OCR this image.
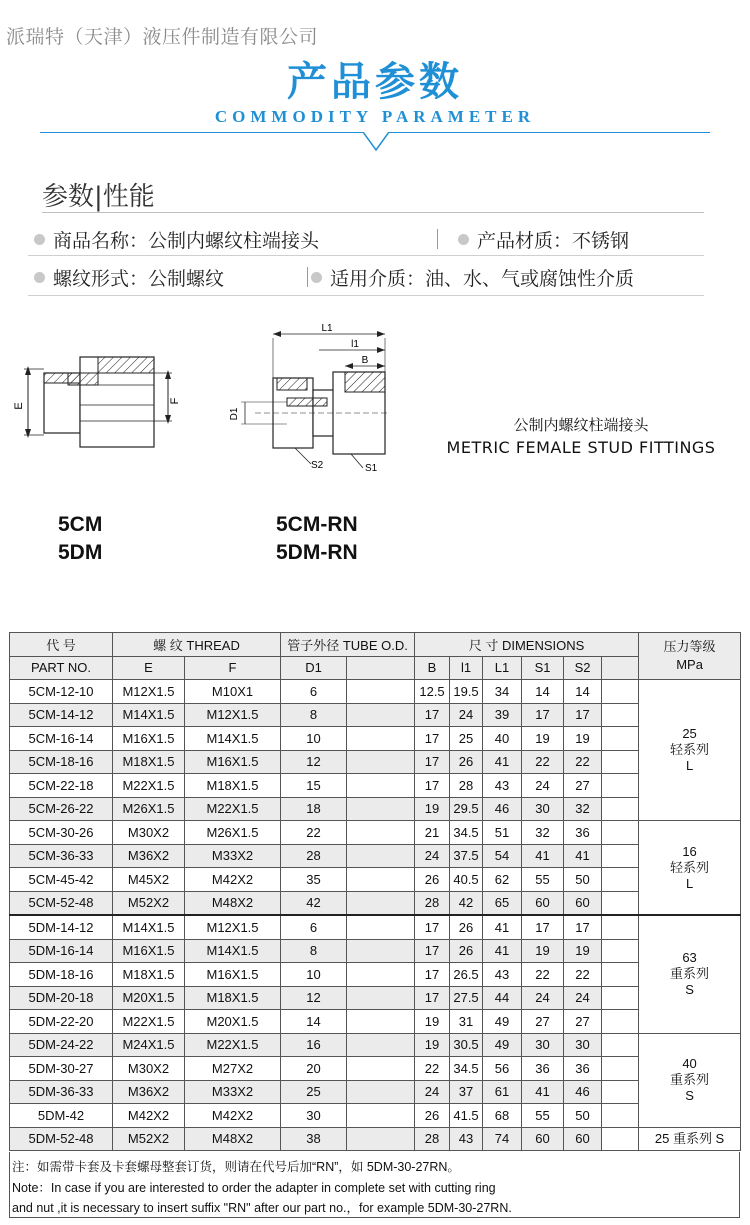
派瑞特（天津）液压件制造有限公司
产品参数
COMMODITY PARAMETER
参数|性能
商品名称：公制内螺纹柱端接头	产品材质：不锈钢
螺纹形式：公制螺纹	适用介质：油、水、气或腐蚀性介质
E
F
L1
l1
B
D1
S2	S1
公制内螺纹柱端接头
METRIC FEMALE STUD FITTINGS
5CM
5DM
5CM-RN
5DM-RN
代 号	螺 纹 THREAD		管子外径 TUBE O.D.		尺 寸 DIMENSIONS						压力等级
MPa

PART NO.	E	F	D1		B	l1	L1	S1	S2		
5CM-12-10	M12X1.5	M10X1	6		12.5	19.5	34	14	14		25
轻系列
L

5CM-14-12	M14X1.5	M12X1.5	8		17	24	39	17	17		
5CM-16-14	M16X1.5	M14X1.5	10		17	25	40	19	19		
5CM-18-16	M18X1.5	M16X1.5	12		17	26	41	22	22		
5CM-22-18	M22X1.5	M18X1.5	15		17	28	43	24	27		
5CM-26-22	M26X1.5	M22X1.5	18		19	29.5	46	30	32		
5CM-30-26	M30X2	M26X1.5	22		21	34.5	51	32	36		16
轻系列
L

5CM-36-33	M36X2	M33X2	28		24	37.5	54	41	41		
5CM-45-42	M45X2	M42X2	35		26	40.5	62	55	50		
5CM-52-48	M52X2	M48X2	42		28	42	65	60	60		
5DM-14-12	M14X1.5	M12X1.5	6		17	26	41	17	17		63
重系列
S

5DM-16-14	M16X1.5	M14X1.5	8		17	26	41	19	19		
5DM-18-16	M18X1.5	M16X1.5	10		17	26.5	43	22	22		
5DM-20-18	M20X1.5	M18X1.5	12		17	27.5	44	24	24		
5DM-22-20	M22X1.5	M20X1.5	14		19	31	49	27	27		
5DM-24-22	M24X1.5	M22X1.5	16		19	30.5	49	30	30		40
重系列
S

5DM-30-27	M30X2	M27X2	20		22	34.5	56	36	36		
5DM-36-33	M36X2	M33X2	25		24	37	61	41	46		
5DM-42	M42X2	M42X2	30		26	41.5	68	55	50		
5DM-52-48	M52X2	M48X2	38		28	43	74	60	60		25 重系列 S
注：如需带卡套及卡套螺母整套订货，则请在代号后加“RN”，如 5DM-30-27RN。
Note：In case if you are interested to order the adapter in complete set with cutting ring
and nut ,it is necessary to insert suffix "RN" after our part no.，for example 5DM-30-27RN.
